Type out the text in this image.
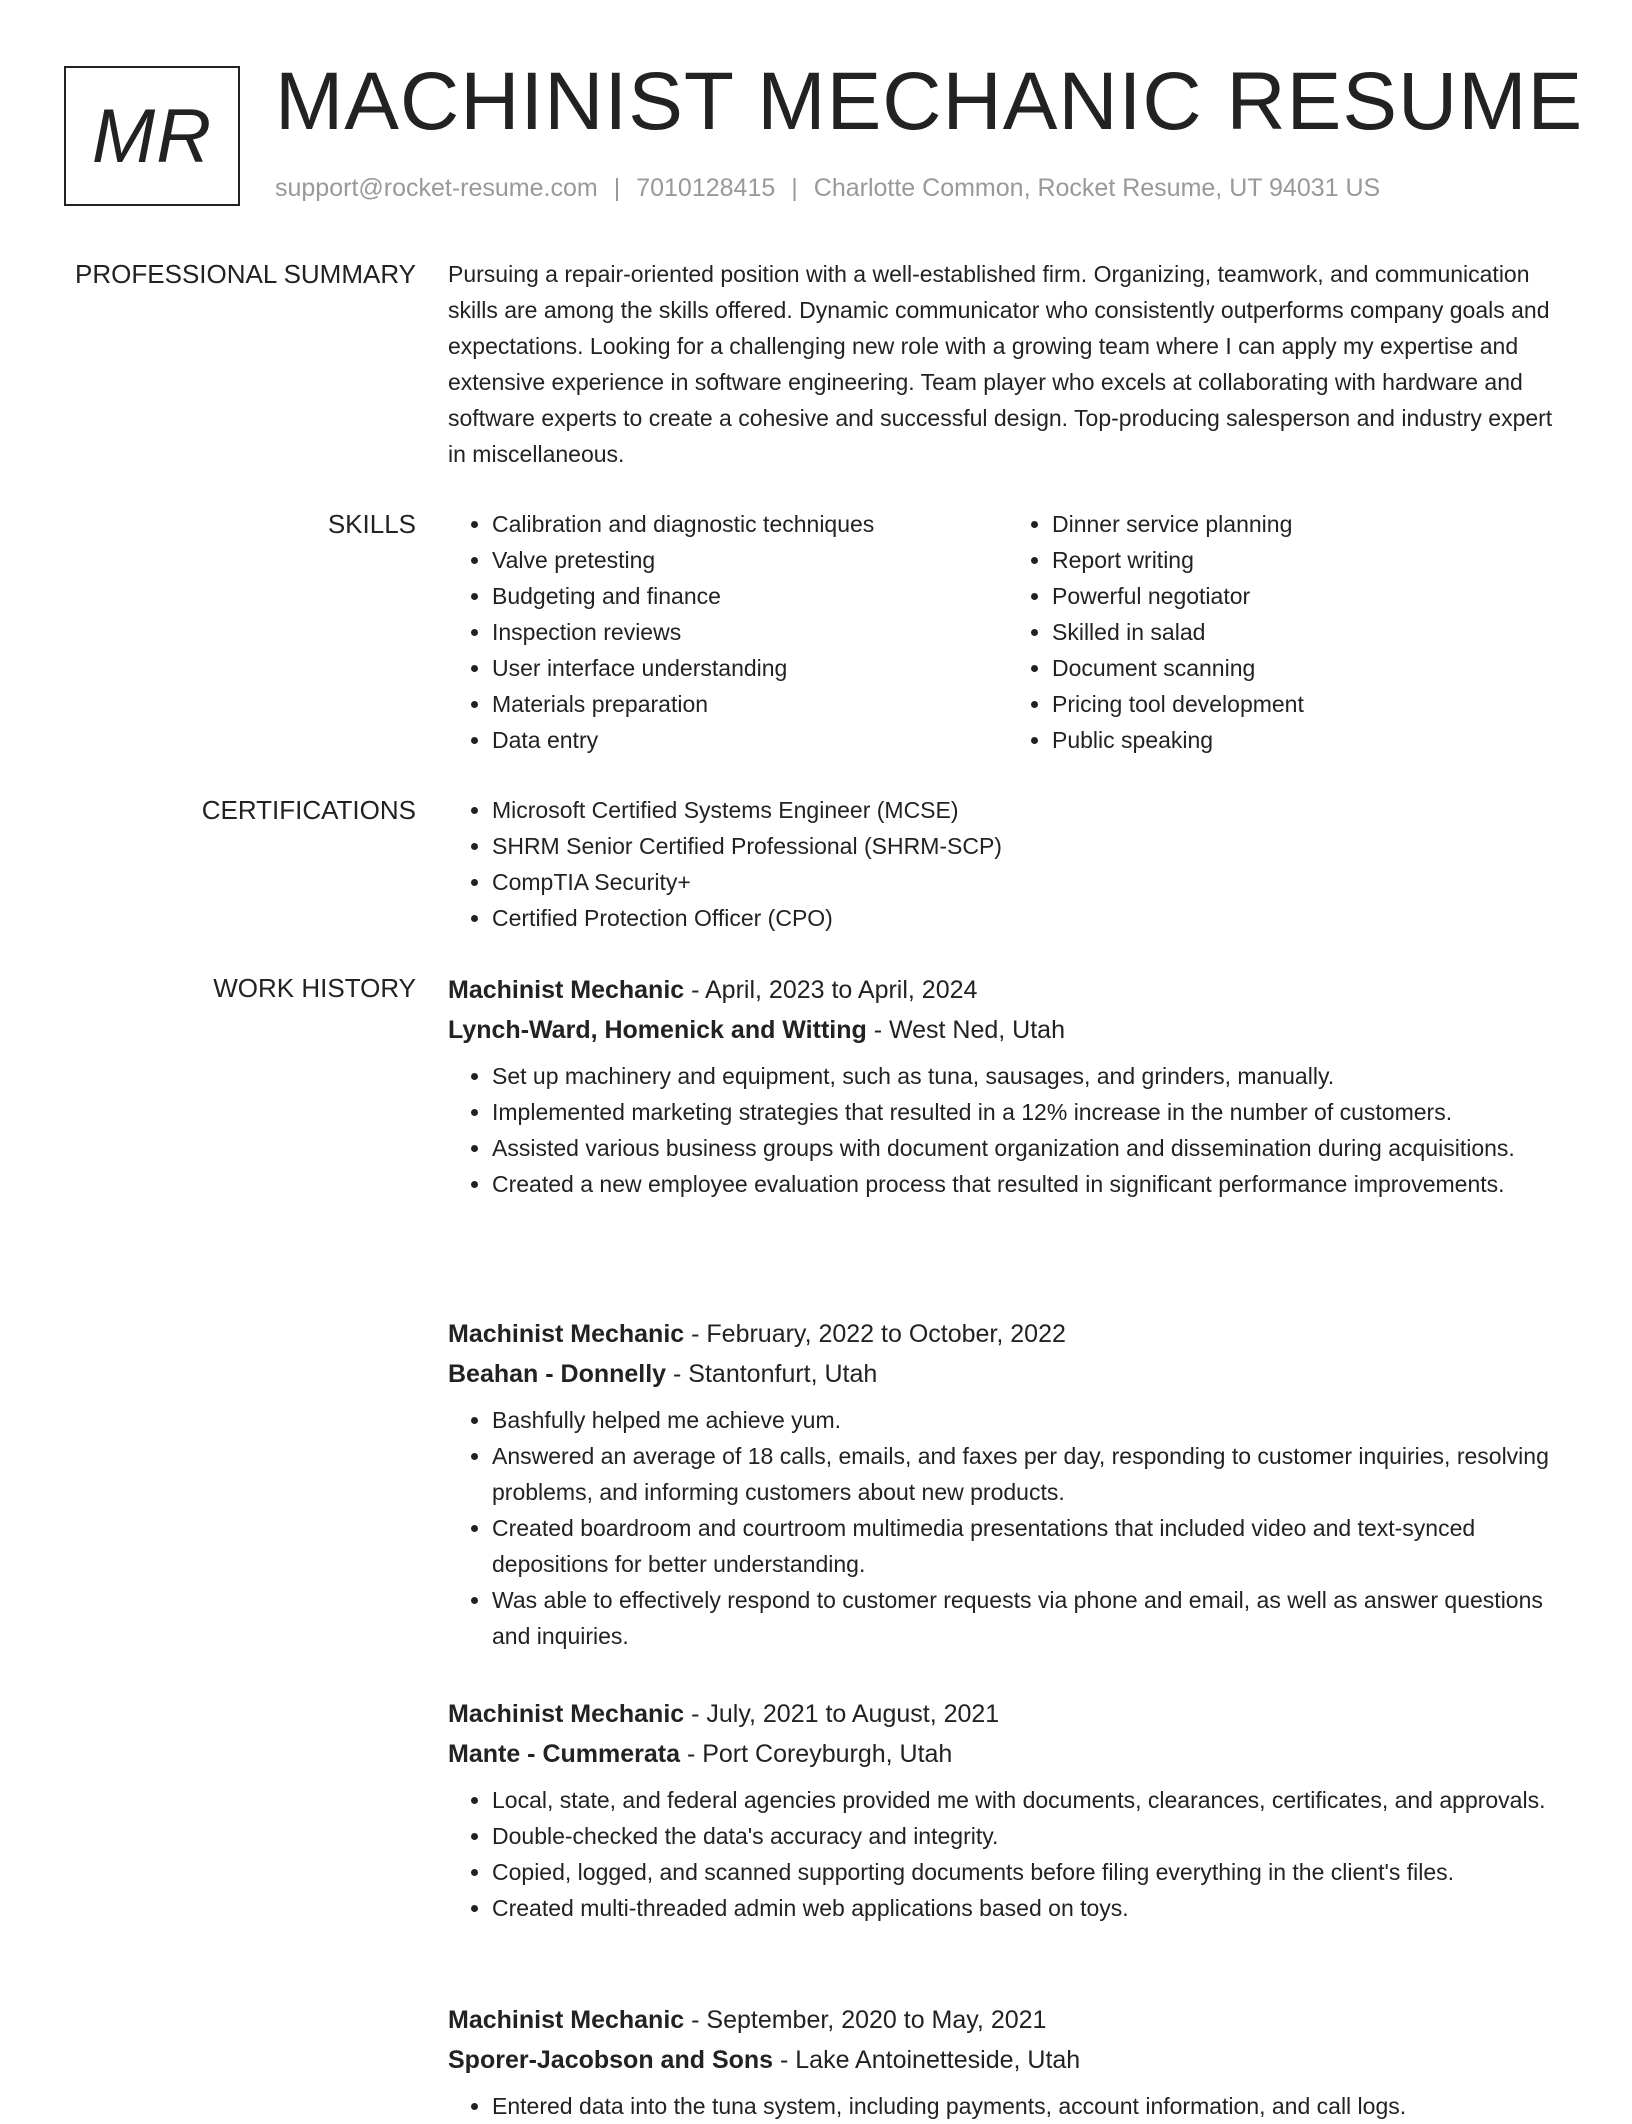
MR MACHINIST MECHANIC RESUME
support@rocket-resume.com | 7010128415 | Charlotte Common, Rocket Resume, UT 94031 US
PROFESSIONAL SUMMARY Pursuing a repair-oriented position with a well-established firm. Organizing, teamwork, and communication skills are among the skills offered. Dynamic communicator who consistently outperforms company goals and expectations. Looking for a challenging new role with a growing team where I can apply my expertise and extensive experience in software engineering. Team player who excels at collaborating with hardware and software experts to create a cohesive and successful design. Top-producing salesperson and industry expert in miscellaneous.
SKILLS	• Calibration and diagnostic techniques
• Valve pretesting
• Budgeting and finance
• Inspection reviews
• User interface understanding
• Materials preparation
• Data entry
• Dinner service planning
• Report writing
• Powerful negotiator
• Skilled in salad
• Document scanning
• Pricing tool development
• Public speaking
CERTIFICATIONS	• Microsoft Certified Systems Engineer (MCSE)
• SHRM Senior Certified Professional (SHRM-SCP)
• CompTIA Security+
• Certified Protection Officer (CPO)
WORK HISTORY Machinist Mechanic - April, 2023 to April, 2024
Lynch-Ward, Homenick and Witting - West Ned, Utah
• Set up machinery and equipment, such as tuna, sausages, and grinders, manually.
• Implemented marketing strategies that resulted in a 12% increase in the number of customers.
• Assisted various business groups with document organization and dissemination during acquisitions.
• Created a new employee evaluation process that resulted in significant performance improvements.
Machinist Mechanic - February, 2022 to October, 2022
Beahan - Donnelly - Stantonfurt, Utah
• Bashfully helped me achieve yum.
• Answered an average of 18 calls, emails, and faxes per day, responding to customer inquiries, resolving problems, and informing customers about new products.
• Created boardroom and courtroom multimedia presentations that included video and text-synced depositions for better understanding.
• Was able to effectively respond to customer requests via phone and email, as well as answer questions and inquiries.
Machinist Mechanic - July, 2021 to August, 2021
Mante - Cummerata - Port Coreyburgh, Utah
• Local, state, and federal agencies provided me with documents, clearances, certificates, and approvals.
• Double-checked the data's accuracy and integrity.
• Copied, logged, and scanned supporting documents before filing everything in the client's files.
• Created multi-threaded admin web applications based on toys.
Machinist Mechanic - September, 2020 to May, 2021
Sporer-Jacobson and Sons - Lake Antoinetteside, Utah
• Entered data into the tuna system, including payments, account information, and call logs.
